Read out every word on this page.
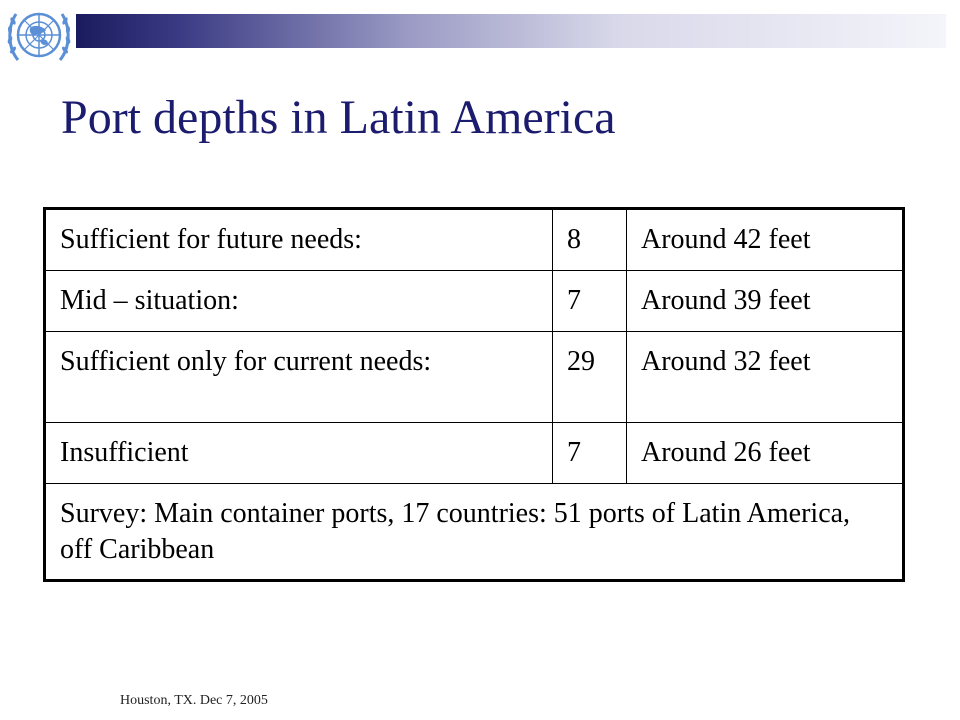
Port depths in Latin America
Sufficient for future needs:	8	Around 42 feet
Mid – situation:	7	Around 39 feet
Sufficient only for current needs:	29	Around 32 feet
Insufficient	7	Around 26 feet
Survey: Main container ports, 17 countries: 51 ports of Latin America, off Caribbean		
Houston, TX. Dec 7, 2005
